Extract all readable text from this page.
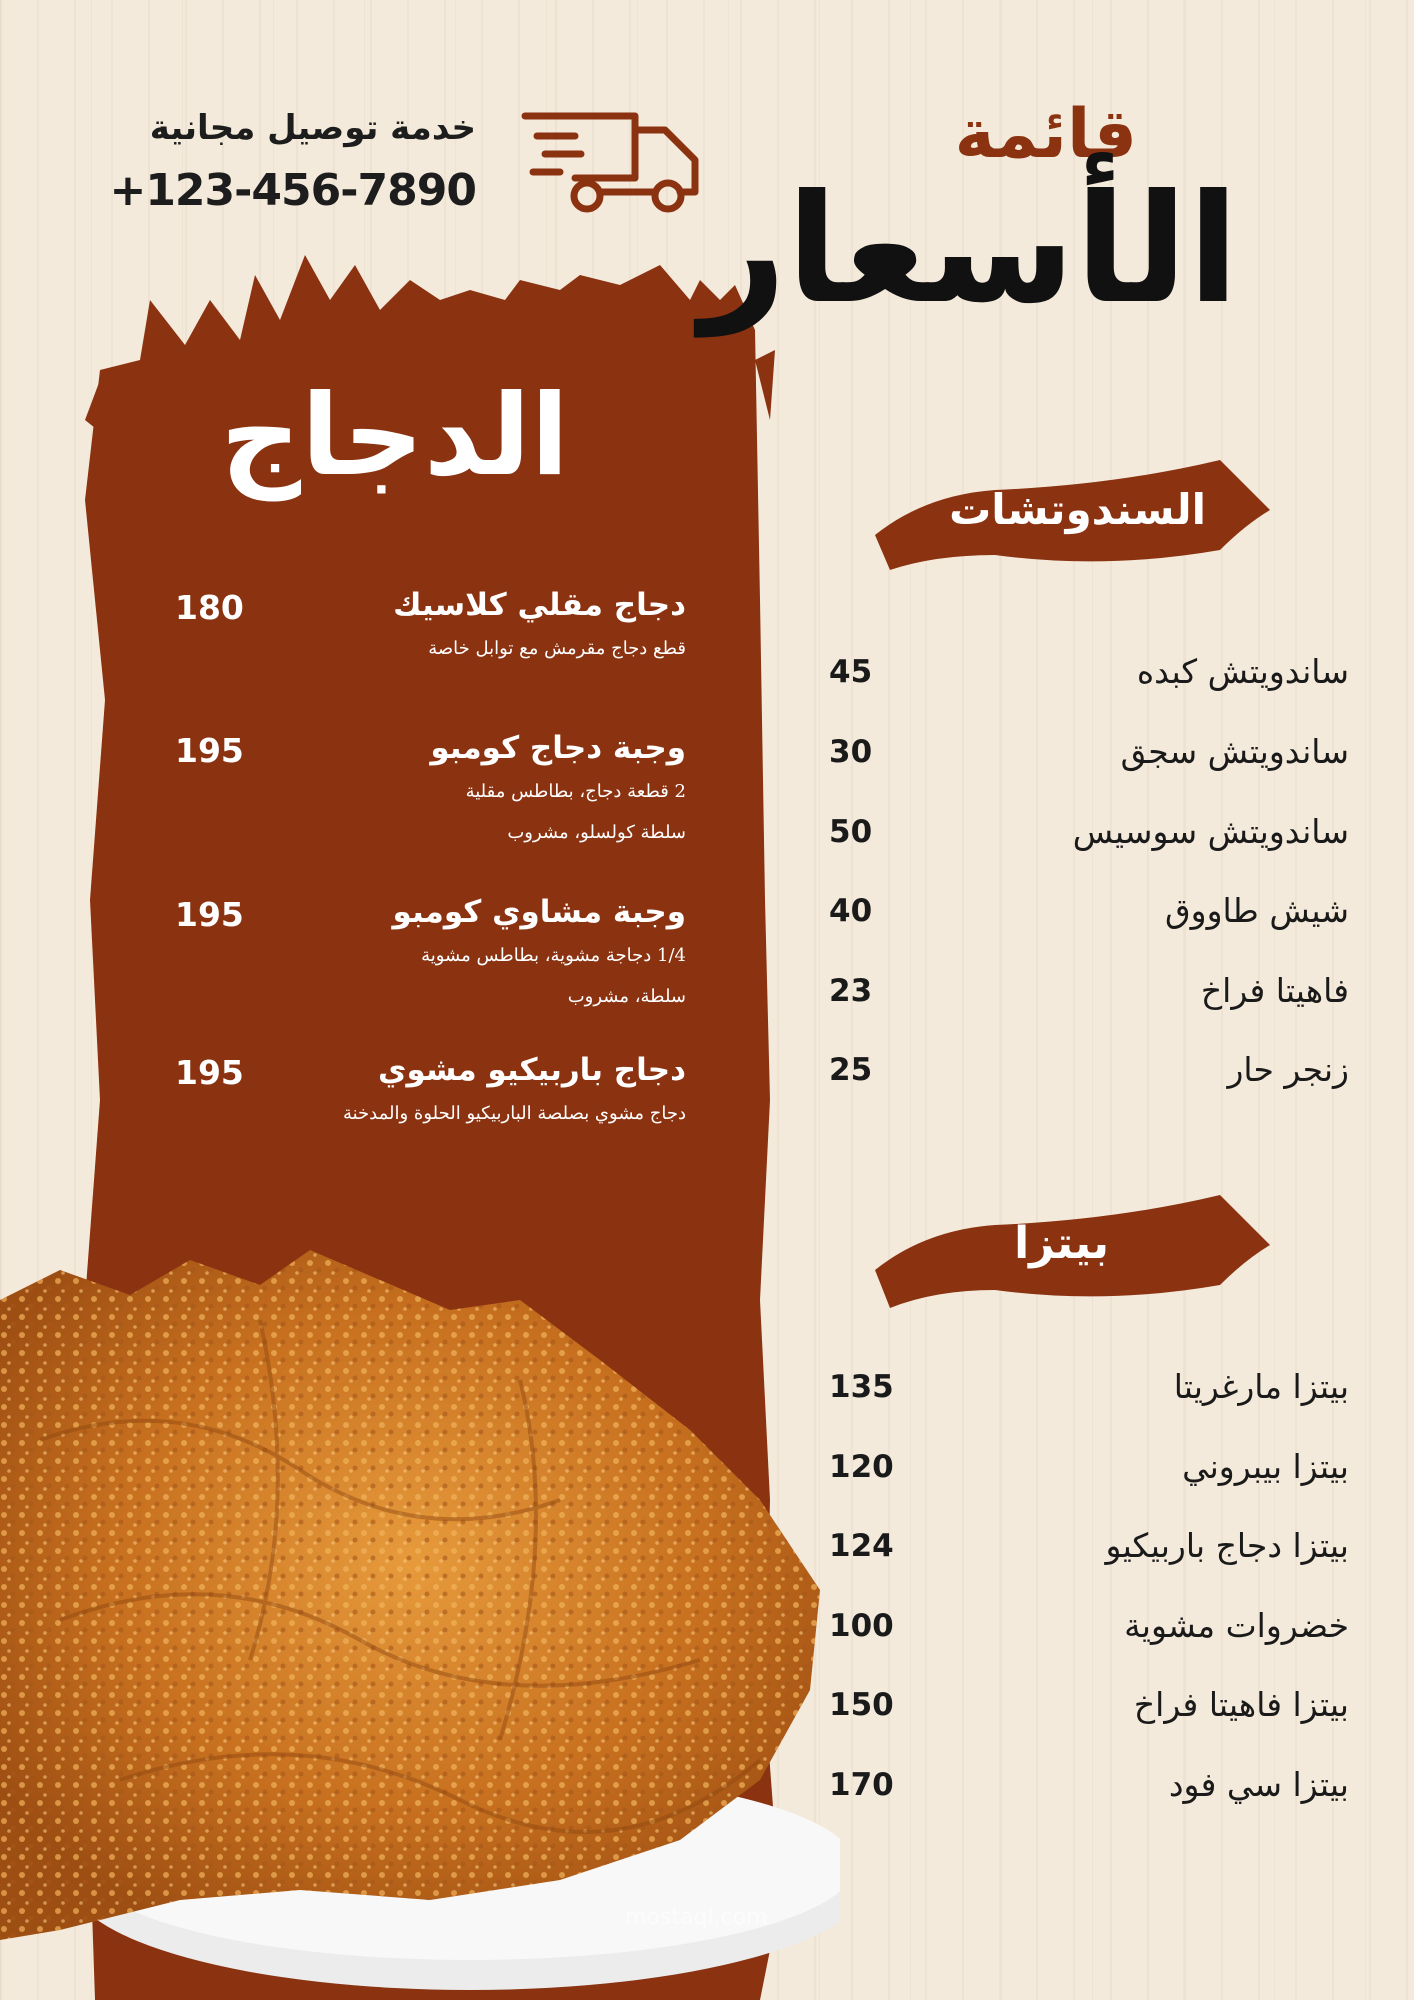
قائمة
الأسعار
خدمة توصيل مجانية
+123-456-7890
الدجاج
دجاج مقلي كلاسيك
قطع دجاج مقرمش مع توابل خاصة
180
وجبة دجاج كومبو
2 قطعة دجاج، بطاطس مقلية
سلطة كولسلو، مشروب
195
وجبة مشاوي كومبو
1/4 دجاجة مشوية، بطاطس مشوية
سلطة، مشروب
195
دجاج باربيكيو مشوي
دجاج مشوي بصلصة الباربيكيو الحلوة والمدخنة
195
السندوتشات
ساندويتش كبده
45
ساندويتش سجق
30
ساندويتش سوسيس
50
شيش طاووق
40
فاهيتا فراخ
23
زنجر حار
25
بيتزا
بيتزا مارغريتا
135
بيتزا بيبروني
120
بيتزا دجاج باربيكيو
124
خضروات مشوية
100
بيتزا فاهيتا فراخ
150
بيتزا سي فود
170
mostaql.com
